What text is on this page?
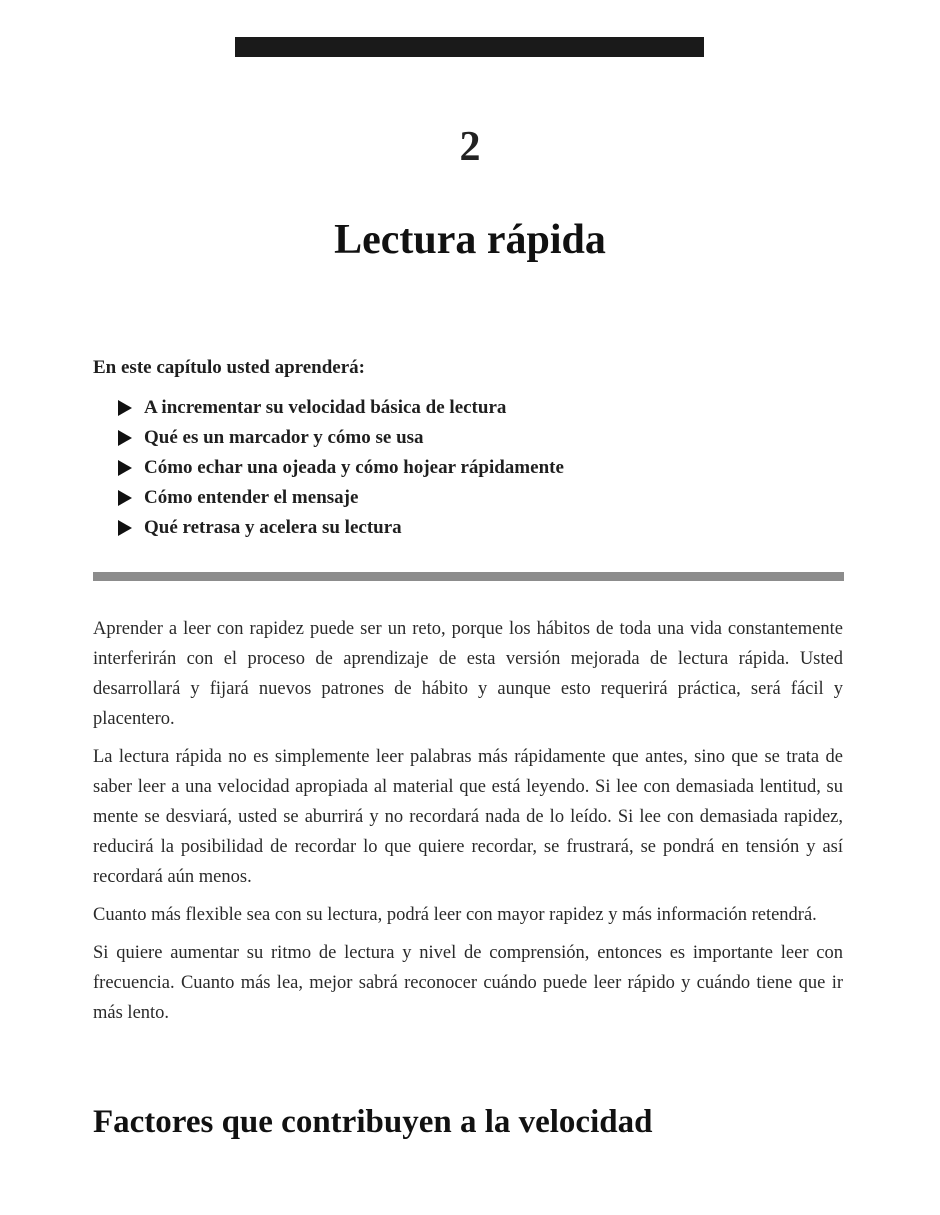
2
Lectura rápida
En este capítulo usted aprenderá:
A incrementar su velocidad básica de lectura
Qué es un marcador y cómo se usa
Cómo echar una ojeada y cómo hojear rápidamente
Cómo entender el mensaje
Qué retrasa y acelera su lectura

Aprender a leer con rapidez puede ser un reto, porque los hábitos de toda una vida constantemente interferirán con el proceso de aprendizaje de esta versión mejorada de lectura rápida. Usted desarrollará y fijará nuevos patrones de hábito y aunque esto requerirá práctica, será fácil y placentero.

La lectura rápida no es simplemente leer palabras más rápidamente que antes, sino que se trata de saber leer a una velocidad apropiada al material que está leyendo. Si lee con demasiada lentitud, su mente se desviará, usted se aburrirá y no recordará nada de lo leído. Si lee con demasiada rapidez, reducirá la posibilidad de recordar lo que quiere recordar, se frustrará, se pondrá en tensión y así recordará aún menos.

Cuanto más flexible sea con su lectura, podrá leer con mayor rapidez y más información retendrá.

Si quiere aumentar su ritmo de lectura y nivel de comprensión, entonces es importante leer con frecuencia. Cuanto más lea, mejor sabrá reconocer cuándo puede leer rápido y cuándo tiene que ir más lento.

Factores que contribuyen a la velocidad
